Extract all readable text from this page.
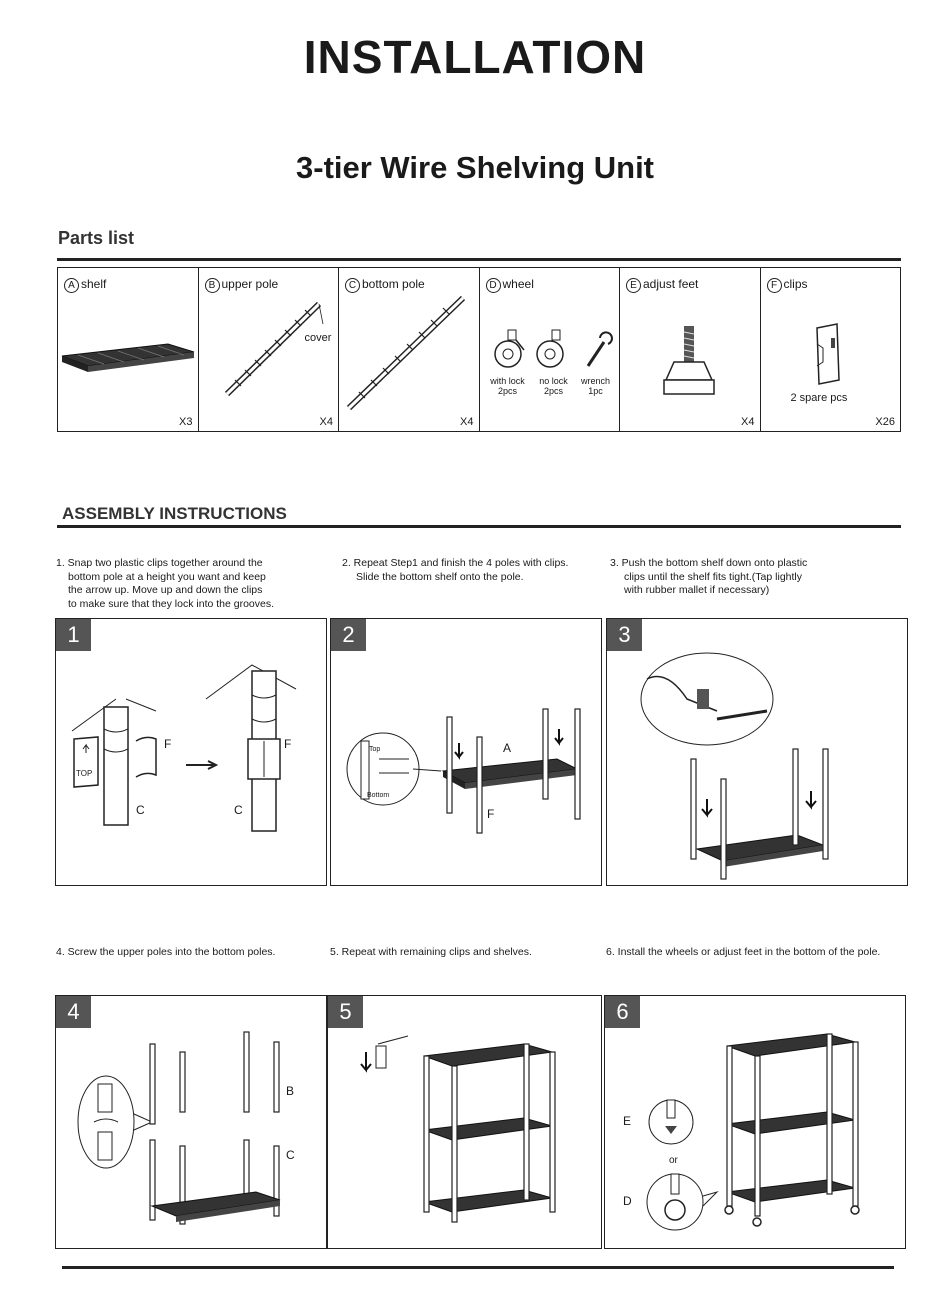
INSTALLATION
3-tier Wire Shelving Unit
Parts list
A shelf
X3
B upper pole
cover
X4
C bottom pole
X4
D wheel
with lock
2pcs
no lock
2pcs
wrench
1pc
E adjust feet
X4
F clips
2 spare pcs
X26
ASSEMBLY INSTRUCTIONS
1. Snap two plastic clips together around the
bottom pole at a height you want and keep
the arrow up. Move up and down the clips
to make sure that they lock into the grooves.
2. Repeat Step1 and finish the 4 poles with clips.
Slide the bottom shelf onto the pole.
3. Push the bottom shelf down onto plastic
clips until the shelf fits tight.(Tap lightly
with rubber mallet if necessary)
1
F
C
F
C
TOP
2
A
F
Top
Bottom
3
4. Screw the upper poles into the bottom poles.	5. Repeat with remaining clips and shelves.	6. Install the wheels or adjust feet in the bottom of the pole.
4
B
C
5	6
E
or
D
